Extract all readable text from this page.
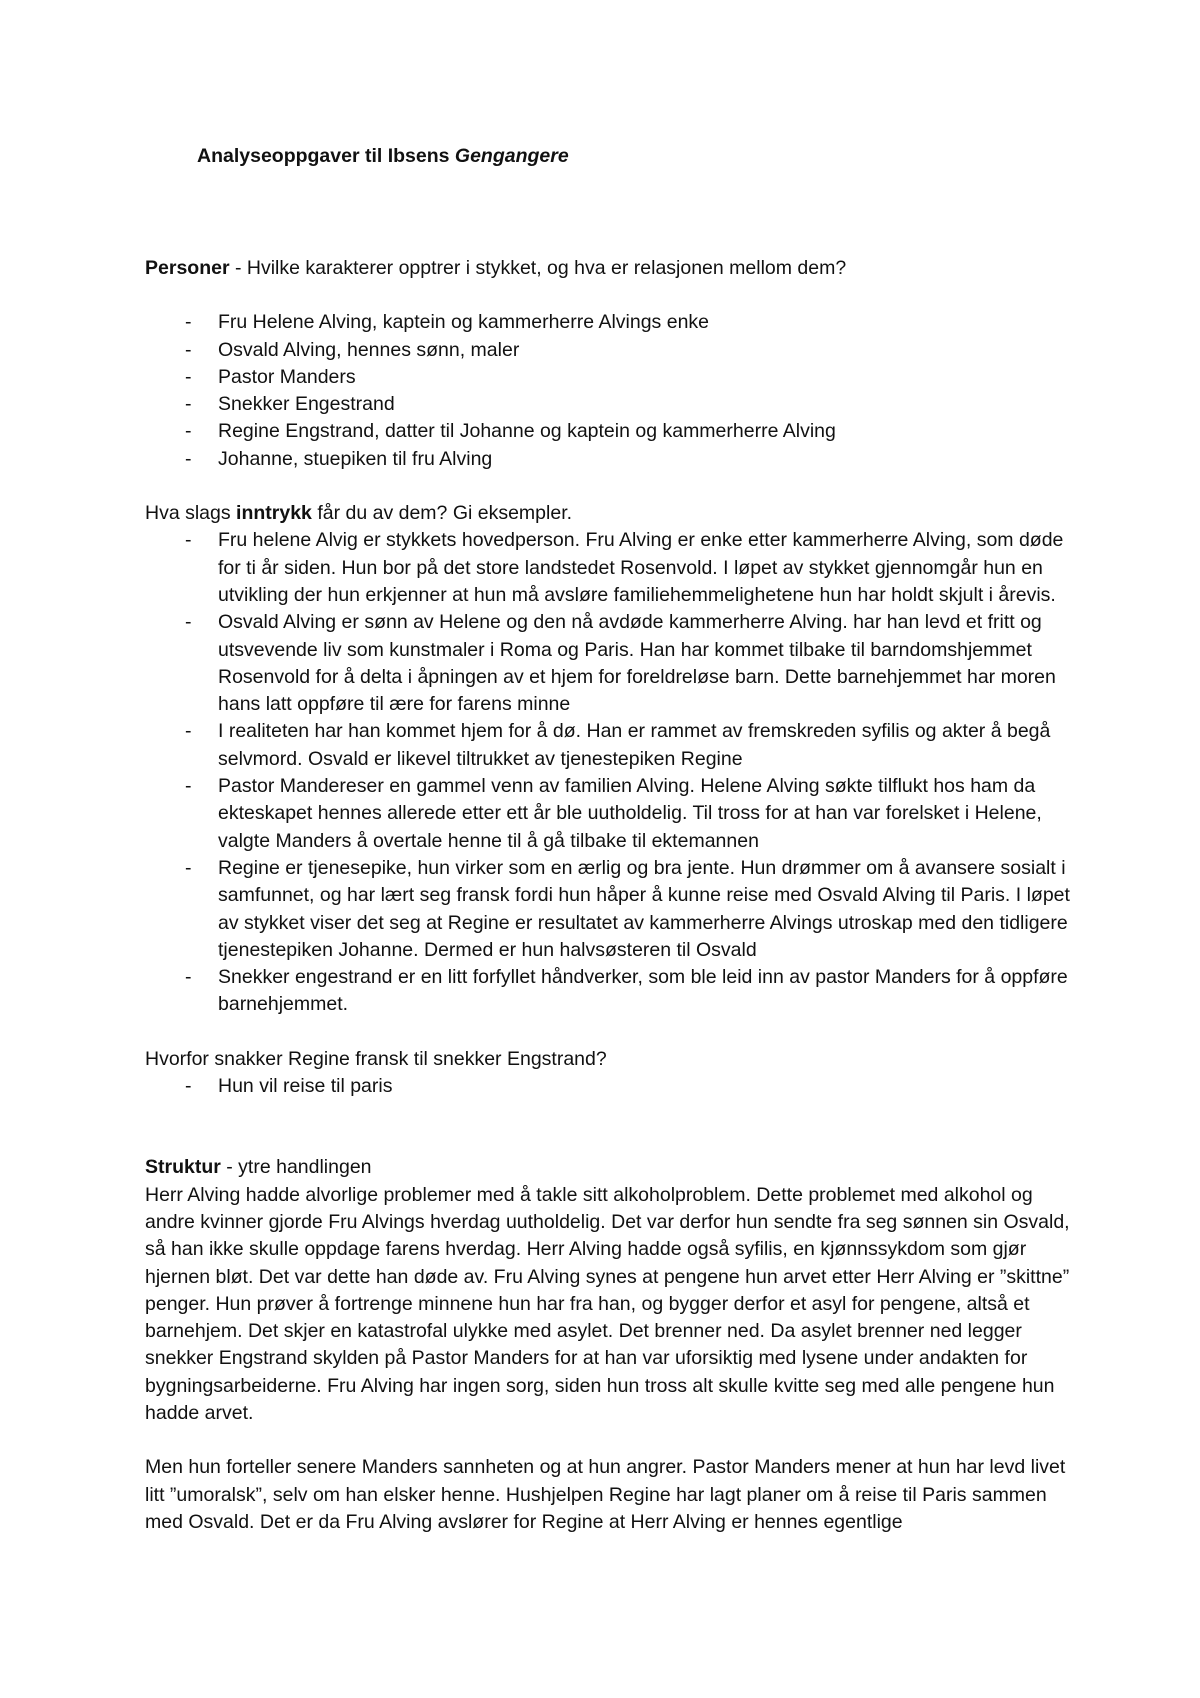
Analyseoppgaver til Ibsens Gengangere

Personer - Hvilke karakterer opptrer i stykket, og hva er relasjonen mellom dem?

- Fru Helene Alving, kaptein og kammerherre Alvings enke
- Osvald Alving, hennes sønn, maler
- Pastor Manders
- Snekker Engestrand
- Regine Engstrand, datter til Johanne og kaptein og kammerherre Alving
- Johanne, stuepiken til fru Alving

Hva slags inntrykk får du av dem? Gi eksempler.

- Fru helene Alvig er stykkets hovedperson. Fru Alving er enke etter kammerherre Alving, som døde for ti år siden. Hun bor på det store landstedet Rosenvold. I løpet av stykket gjennomgår hun en utvikling der hun erkjenner at hun må avsløre familiehemmelighetene hun har holdt skjult i årevis.
- Osvald Alving er sønn av Helene og den nå avdøde kammerherre Alving. har han levd et fritt og utsvevende liv som kunstmaler i Roma og Paris. Han har kommet tilbake til barndomshjemmet Rosenvold for å delta i åpningen av et hjem for foreldreløse barn. Dette barnehjemmet har moren hans latt oppføre til ære for farens minne
- I realiteten har han kommet hjem for å dø. Han er rammet av fremskreden syfilis og akter å begå selvmord. Osvald er likevel tiltrukket av tjenestepiken Regine
- Pastor Mandereser en gammel venn av familien Alving. Helene Alving søkte tilflukt hos ham da ekteskapet hennes allerede etter ett år ble uutholdelig. Til tross for at han var forelsket i Helene, valgte Manders å overtale henne til å gå tilbake til ektemannen
- Regine er tjenesepike, hun virker som en ærlig og bra jente. Hun drømmer om å avansere sosialt i samfunnet, og har lært seg fransk fordi hun håper å kunne reise med Osvald Alving til Paris. I løpet av stykket viser det seg at Regine er resultatet av kammerherre Alvings utroskap med den tidligere tjenestepiken Johanne. Dermed er hun halvsøsteren til Osvald
- Snekker engestrand er en litt forfyllet håndverker, som ble leid inn av pastor Manders for å oppføre barnehjemmet.

Hvorfor snakker Regine fransk til snekker Engstrand?

- Hun vil reise til paris

Struktur - ytre handlingen

Herr Alving hadde alvorlige problemer med å takle sitt alkoholproblem. Dette problemet med alkohol og andre kvinner gjorde Fru Alvings hverdag uutholdelig. Det var derfor hun sendte fra seg sønnen sin Osvald, så han ikke skulle oppdage farens hverdag. Herr Alving hadde også syfilis, en kjønnssykdom som gjør hjernen bløt. Det var dette han døde av. Fru Alving synes at pengene hun arvet etter Herr Alving er ”skittne” penger. Hun prøver å fortrenge minnene hun har fra han, og bygger derfor et asyl for pengene, altså et barnehjem. Det skjer en katastrofal ulykke med asylet. Det brenner ned. Da asylet brenner ned legger snekker Engstrand skylden på Pastor Manders for at han var uforsiktig med lysene under andakten for bygningsarbeiderne. Fru Alving har ingen sorg, siden hun tross alt skulle kvitte seg med alle pengene hun hadde arvet.

Men hun forteller senere Manders sannheten og at hun angrer. Pastor Manders mener at hun har levd livet litt ”umoralsk”, selv om han elsker henne. Hushjelpen Regine har lagt planer om å reise til Paris sammen med Osvald. Det er da Fru Alving avslører for Regine at Herr Alving er hennes egentlige
